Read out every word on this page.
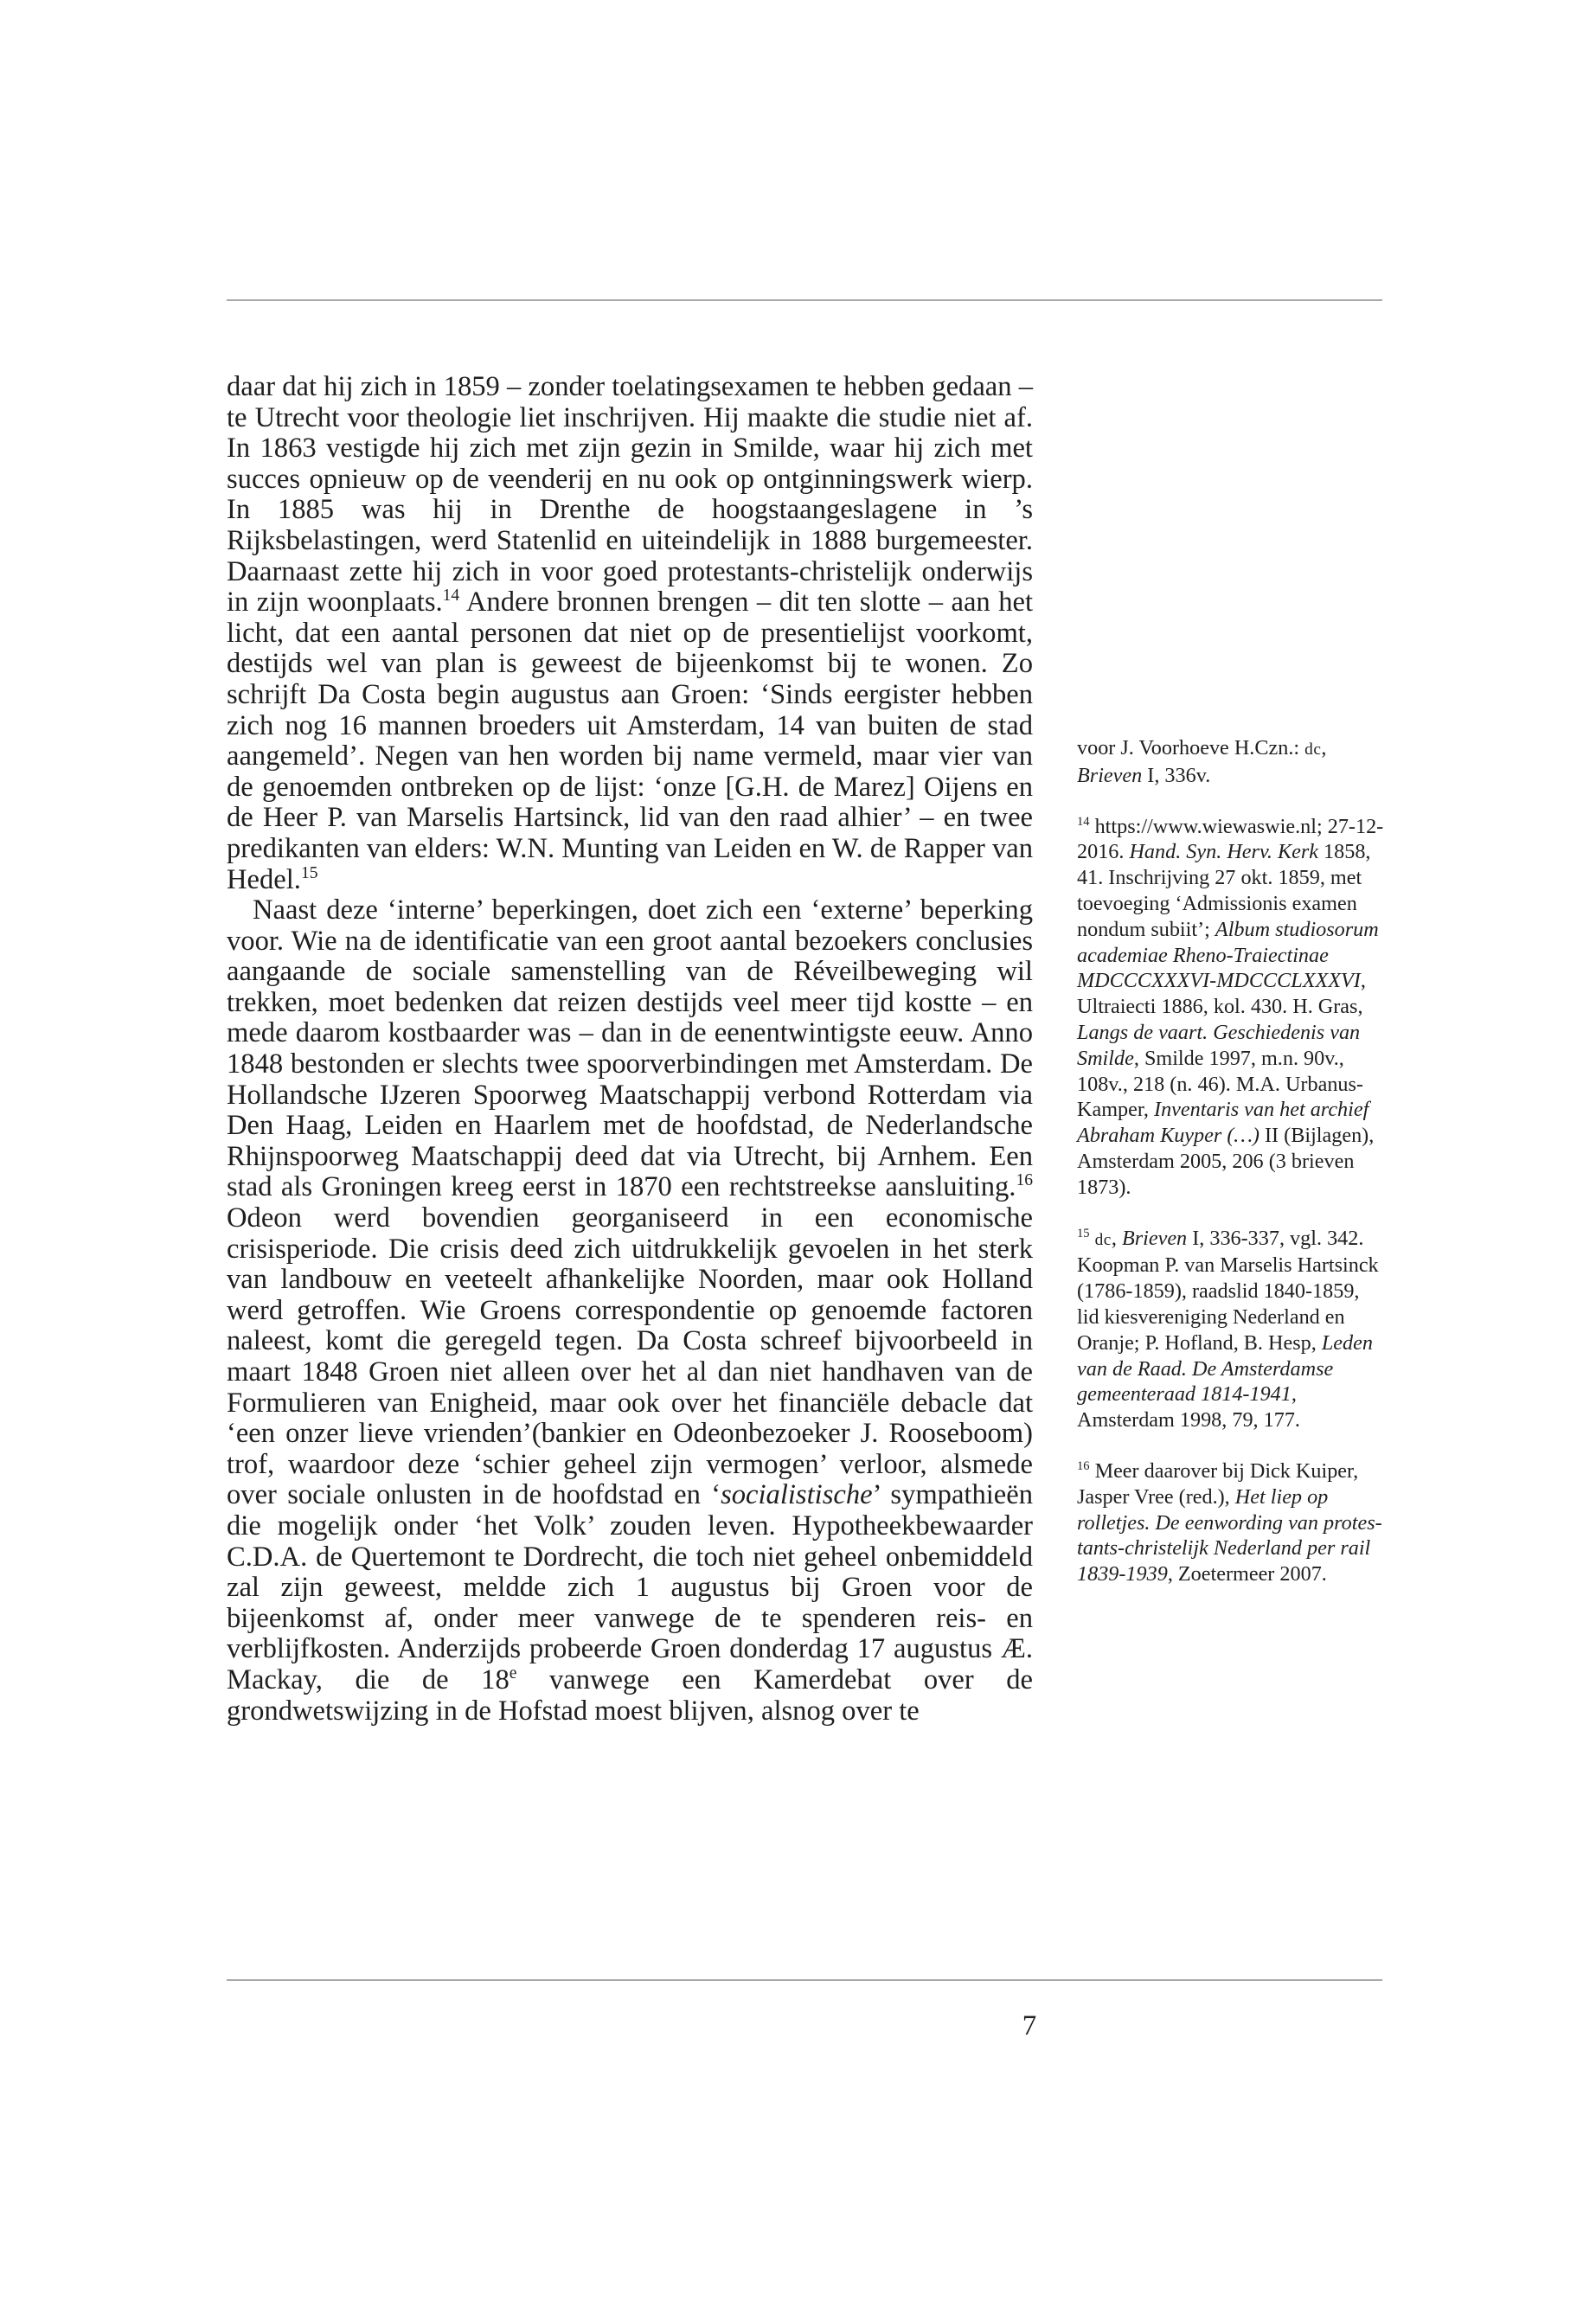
daar dat hij zich in 1859 – zonder toelatingsexamen te hebben gedaan – te Utrecht voor theologie liet inschrijven. Hij maakte die studie niet af. In 1863 vestigde hij zich met zijn gezin in Smilde, waar hij zich met succes opnieuw op de veenderij en nu ook op ontginningswerk wierp. In 1885 was hij in Drenthe de hoogstaangeslagene in ’s Rijksbelastingen, werd Statenlid en uiteindelijk in 1888 burgemeester. Daarnaast zette hij zich in voor goed protestants-christelijk onderwijs in zijn woonplaats.$^{14}$ Andere bronnen brengen – dit ten slotte – aan het licht, dat een aantal personen dat niet op de presentielijst voorkomt, destijds wel van plan is geweest de bijeenkomst bij te wonen. Zo schrijft Da Costa begin augustus aan Groen: ‘Sinds eergister hebben zich nog 16 mannen broeders uit Amsterdam, 14 van buiten de stad aangemeld’. Negen van hen worden bij name vermeld, maar vier van de genoemden ontbreken op de lijst: ‘onze [G.H. de Marez] Oijens en de Heer P. van Marselis Hartsinck, lid van den raad alhier’ – en twee predikanten van elders: W.N. Munting van Leiden en W. de Rapper van Hedel.$^{15}$

Naast deze ‘interne’ beperkingen, doet zich een ‘externe’ beperking voor. Wie na de identificatie van een groot aantal bezoekers conclusies aangaande de sociale samenstelling van de Réveilbeweging wil trekken, moet bedenken dat reizen destijds veel meer tijd kostte – en mede daarom kostbaarder was – dan in de eenentwintigste eeuw. Anno 1848 bestonden er slechts twee spoorverbindingen met Amsterdam. De Hollandsche IJzeren Spoorweg Maatschappij verbond Rotterdam via Den Haag, Leiden en Haarlem met de hoofdstad, de Nederlandsche Rhijnspoorweg Maatschappij deed dat via Utrecht, bij Arnhem. Een stad als Groningen kreeg eerst in 1870 een rechtstreekse aansluiting.$^{16}$ Odeon werd bovendien georganiseerd in een economische crisisperiode. Die crisis deed zich uitdrukkelijk gevoelen in het sterk van landbouw en veeteelt afhankelijke Noorden, maar ook Holland werd getroffen. Wie Groens correspondentie op genoemde factoren naleest, komt die geregeld tegen. Da Costa schreef bijvoorbeeld in maart 1848 Groen niet alleen over het al dan niet handhaven van de Formulieren van Enigheid, maar ook over het financiële debacle dat ‘een onzer lieve vrienden’(bankier en Odeonbezoeker J. Rooseboom) trof, waardoor deze ‘schier geheel zijn vermogen’ verloor, alsmede over sociale onlusten in de hoofdstad en ‘socialistische’ sympathieën die mogelijk onder ‘het Volk’ zouden leven. Hypotheekbewaarder C.D.A. de Quertemont te Dordrecht, die toch niet geheel onbemiddeld zal zijn geweest, meldde zich 1 augustus bij Groen voor de bijeenkomst af, onder meer vanwege de te spenderen reis- en verblijfkosten. Anderzijds probeerde Groen donderdag 17 augustus Æ. Mackay, die de 18e vanwege een Kamerdebat over de grondwetswijzing in de Hofstad moest blijven, alsnog over te

voor J. Voorhoeve H.Czn.: dc, Brieven I, 336v.

$^{14}$ https://www.wiewaswie.nl; 27-12-2016. Hand. Syn. Herv. Kerk 1858, 41. Inschrijving 27 okt. 1859, met toevoeging ‘Admissionis examen nondum subiit’; Album studiosorum academiae Rheno-Traiectinae MDCCCXXXVI-MDCCCLXXXVI, Ultraiecti 1886, kol. 430. H. Gras, Langs de vaart. Geschiedenis van Smilde, Smilde 1997, m.n. 90v., 108v., 218 (n. 46). M.A. Urbanus-Kamper, Inventaris van het archief Abraham Kuyper (…) II (Bijlagen), Amsterdam 2005, 206 (3 brieven 1873).

$^{15}$ dc, Brieven I, 336-337, vgl. 342. Koopman P. van Marselis Hartsinck (1786-1859), raadslid 1840-1859, lid kiesvereniging Nederland en Oranje; P. Hofland, B. Hesp, Leden van de Raad. De Amsterdamse gemeenteraad 1814-1941, Amsterdam 1998, 79, 177.

$^{16}$ Meer daarover bij Dick Kuiper, Jasper Vree (red.), Het liep op rolletjes. De eenwording van protestants-christelijk Nederland per rail 1839-1939, Zoetermeer 2007.

7
